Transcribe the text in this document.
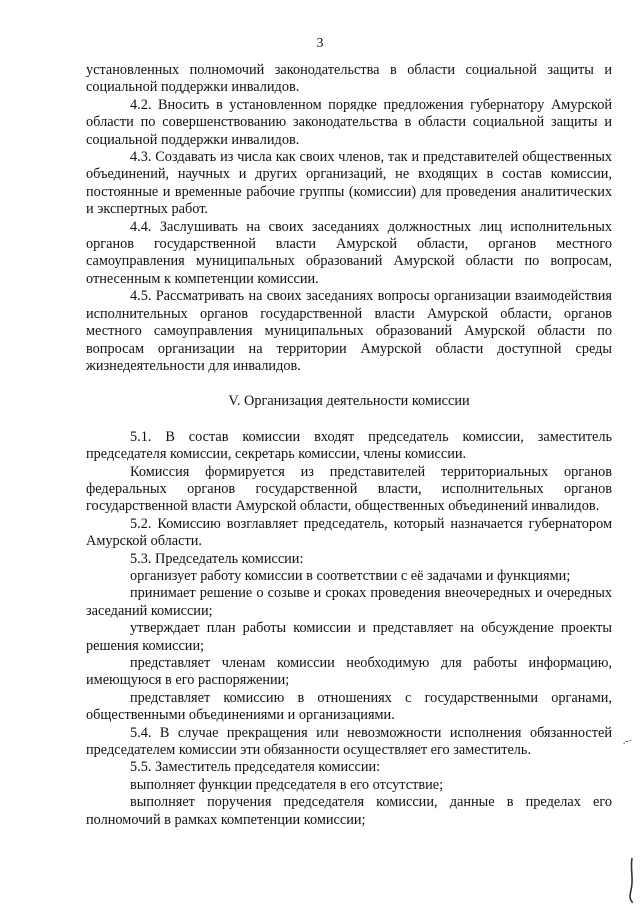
3

установленных полномочий законодательства в области социальной защиты и социальной поддержки инвалидов.

4.2. Вносить в установленном порядке предложения губернатору Амурской области по совершенствованию законодательства в области социальной защиты и социальной поддержки инвалидов.

4.3. Создавать из числа как своих членов, так и представителей общественных объединений, научных и других организаций, не входящих в состав комиссии, постоянные и временные рабочие группы (комиссии) для проведения аналитических и экспертных работ.

4.4. Заслушивать на своих заседаниях должностных лиц исполнительных органов государственной власти Амурской области, органов местного самоуправления муниципальных образований Амурской области по вопросам, отнесенным к компетенции комиссии.

4.5. Рассматривать на своих заседаниях вопросы организации взаимодействия исполнительных органов государственной власти Амурской области, органов местного самоуправления муниципальных образований Амурской области по вопросам организации на территории Амурской области доступной среды жизнедеятельности для инвалидов.

V. Организация деятельности комиссии

5.1. В состав комиссии входят председатель комиссии, заместитель председателя комиссии, секретарь комиссии, члены комиссии.

Комиссия формируется из представителей территориальных органов федеральных органов государственной власти, исполнительных органов государственной власти Амурской области, общественных объединений инвалидов.

5.2. Комиссию возглавляет председатель, который назначается губернатором Амурской области.

5.3. Председатель комиссии:

организует работу комиссии в соответствии с её задачами и функциями;

принимает решение о созыве и сроках проведения внеочередных и очередных заседаний комиссии;

утверждает план работы комиссии и представляет на обсуждение проекты решения комиссии;

представляет членам комиссии необходимую для работы информацию, имеющуюся в его распоряжении;

представляет комиссию в отношениях с государственными органами, общественными объединениями и организациями.

5.4. В случае прекращения или невозможности исполнения обязанностей председателем комиссии эти обязанности осуществляет его заместитель.

5.5. Заместитель председателя комиссии:

выполняет функции председателя в его отсутствие;

выполняет поручения председателя комиссии, данные в пределах его полномочий в рамках компетенции комиссии;

.-·
